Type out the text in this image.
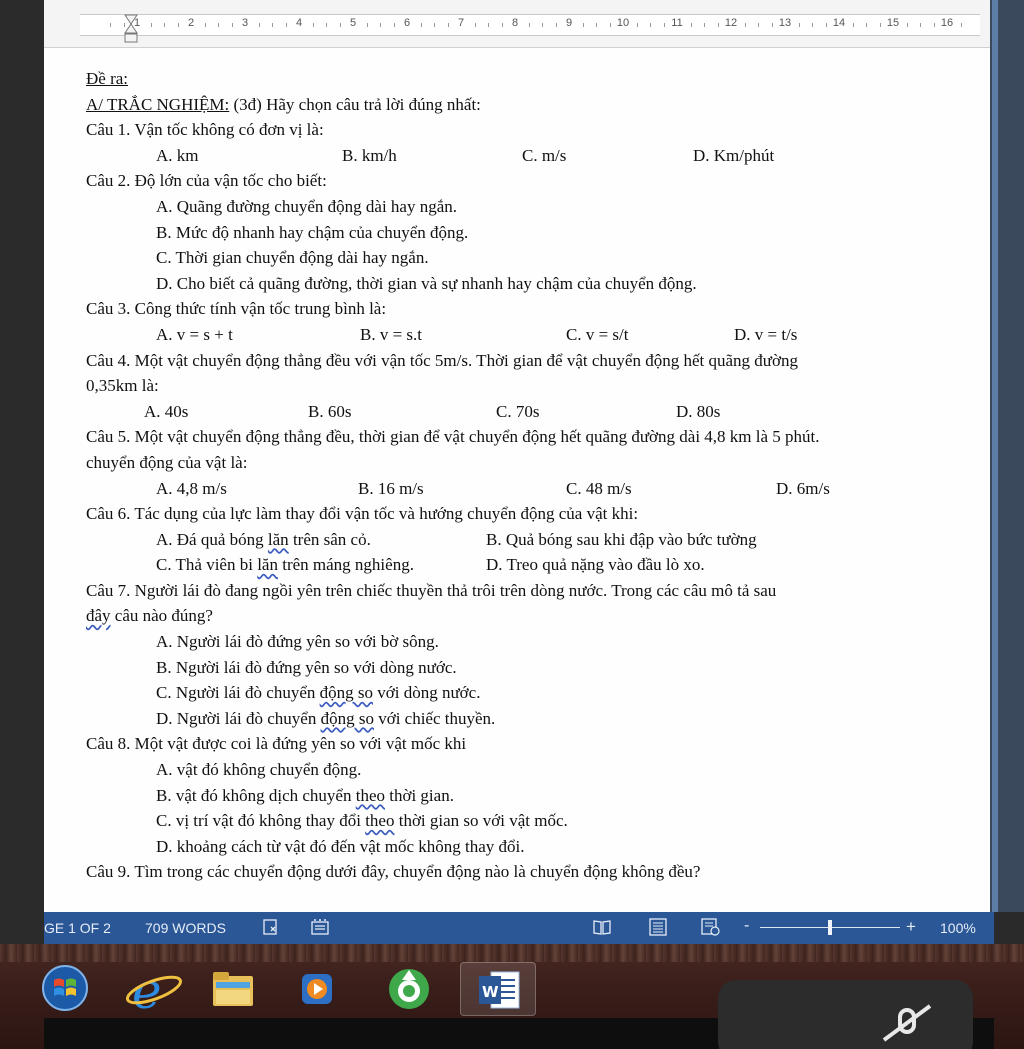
1	2	3	4	5	6	7	8	9	10	11	12	13	14	15	16
Đề ra:
A/ TRẮC NGHIỆM: (3đ) Hãy chọn câu trả lời đúng nhất:
Câu 1. Vận tốc không có đơn vị là:
A. km	B. km/h	C. m/s	D. Km/phút
Câu 2. Độ lớn của vận tốc cho biết:
A. Quãng đường chuyển động dài hay ngắn.
B. Mức độ nhanh hay chậm của chuyển động.
C. Thời gian chuyển động dài hay ngắn.
D. Cho biết cả quãng đường, thời gian và sự nhanh hay chậm của chuyển động.
Câu 3. Công thức tính vận tốc trung bình là:
A. v = s + t	B. v = s.t	C. v = s/t	D. v = t/s
Câu 4. Một vật chuyển động thẳng đều với vận tốc 5m/s. Thời gian để vật chuyển động hết quãng đường
0,35km là:
A. 40s	B. 60s	C. 70s	D. 80s
Câu 5. Một vật chuyển động thẳng đều, thời gian để vật chuyển động hết quãng đường dài 4,8 km là 5 phút.
chuyển động của vật là:
A. 4,8 m/s	B. 16 m/s	C. 48 m/s	D. 6m/s
Câu 6. Tác dụng của lực làm thay đổi vận tốc và hướng chuyển động của vật khi:
A. Đá quả bóng lăn trên sân cỏ.	B. Quả bóng sau khi đập vào bức tường
C. Thả viên bi lăn trên máng nghiêng.	D. Treo quả nặng vào đầu lò xo.
Câu 7. Người lái đò đang ngồi yên trên chiếc thuyền thả trôi trên dòng nước. Trong các câu mô tả sau
đây câu nào đúng?
A. Người lái đò đứng yên so với bờ sông.
B. Người lái đò đứng yên so với dòng nước.
C. Người lái đò chuyển động so với dòng nước.
D. Người lái đò chuyển động so với chiếc thuyền.
Câu 8. Một vật được coi là đứng yên so với vật mốc khi
A. vật đó không chuyển động.
B. vật đó không dịch chuyển theo thời gian.
C. vị trí vật đó không thay đổi theo thời gian so với vật mốc.
D. khoảng cách từ vật đó đến vật mốc không thay đổi.
Câu 9. Tìm trong các chuyển động dưới đây, chuyển động nào là chuyển động không đều?
GE 1 OF 2 709 WORDS	-	+ 100%
e	W
